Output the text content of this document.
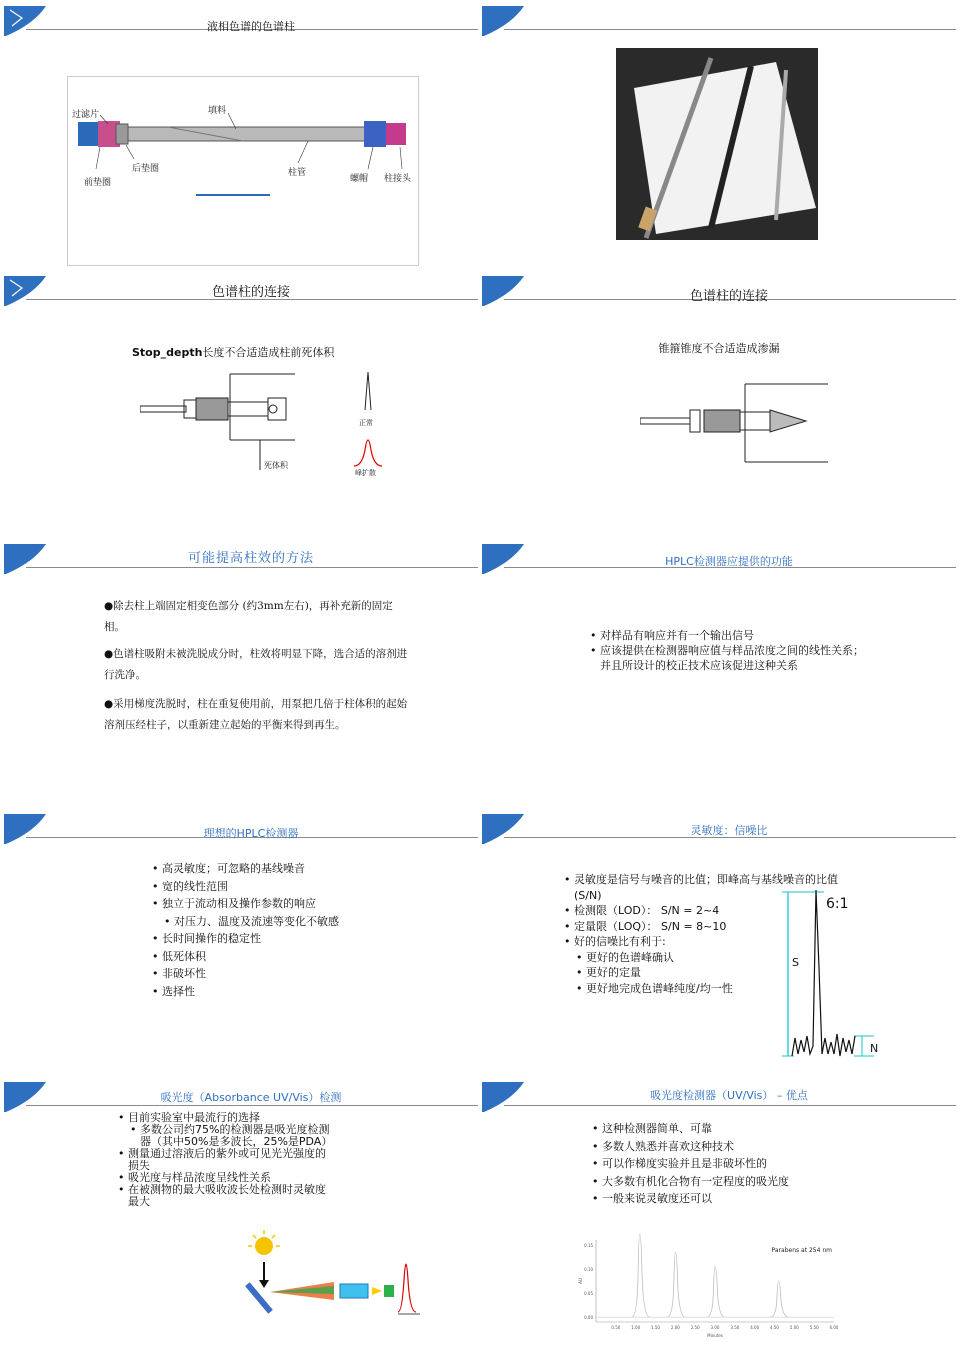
液相色谱的色谱柱
过滤片	填料
后垫圈
前垫圈
柱管
螺帽 柱接头
色谱柱的连接
Stop_depth长度不合适造成柱前死体积
死体积
正常
峰扩散
色谱柱的连接
锥箍锥度不合适造成渗漏
可能提高柱效的方法
●除去柱上端固定相变色部分 (约3mm左右)，再补充新的固定相。
●色谱柱吸附未被洗脱成分时，柱效将明显下降，选合适的溶剂进行洗净。
●采用梯度洗脱时，柱在重复使用前，用泵把几倍于柱体积的起始溶剂压经柱子，以重新建立起始的平衡来得到再生。
HPLC检测器应提供的功能
• 对样品有响应并有一个输出信号
• 应该提供在检测器响应值与样品浓度之间的线性关系；
并且所设计的校正技术应该促进这种关系
理想的HPLC检测器
• 高灵敏度；可忽略的基线噪音
• 宽的线性范围
• 独立于流动相及操作参数的响应
• 对压力、温度及流速等变化不敏感
• 长时间操作的稳定性
• 低死体积
• 非破坏性
• 选择性
灵敏度：信噪比
• 灵敏度是信号与噪音的比值；即峰高与基线噪音的比值
(S/N)
• 检测限（LOD）： S/N = 2~4
• 定量限（LOQ）： S/N = 8~10
• 好的信噪比有利于:
• 更好的色谱峰确认
• 更好的定量
• 更好地完成色谱峰纯度/均一性
6:1
S
N
吸光度（Absorbance UV/Vis）检测
• 目前实验室中最流行的选择
• 多数公司约75%的检测器是吸光度检测
器（其中50%是多波长，25%是PDA）
• 测量通过溶液后的紫外或可见光光强度的
损失
• 吸光度与样品浓度呈线性关系
• 在被测物的最大吸收波长处检测时灵敏度
最大
吸光度检测器（UV/Vis） – 优点
• 这种检测器简单、可靠
• 多数人熟悉并喜欢这种技术
• 可以作梯度实验并且是非破坏性的
• 大多数有机化合物有一定程度的吸光度
• 一般来说灵敏度还可以
0.15
0.10
0.05
0.00
0.50	1.00	1.50	2.00	2.50	3.00	3.50	4.00	4.50	5.00	5.50	6.00
Minutes
AU
Parabens at 254 nm
